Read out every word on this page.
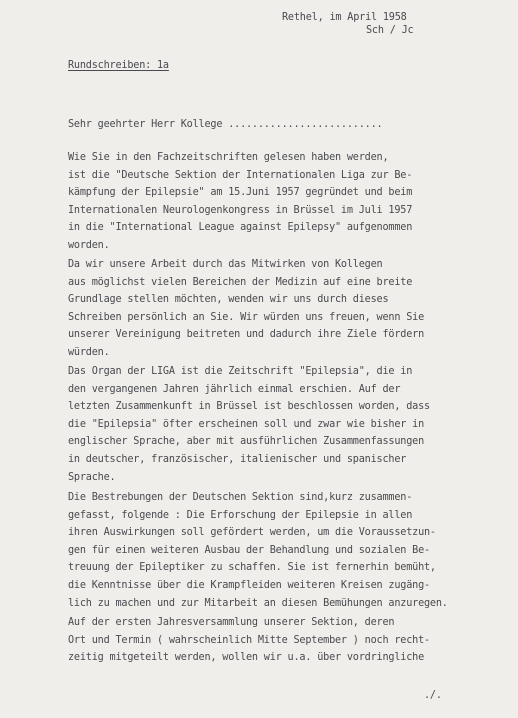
Rethel, im April 1958
Sch / Jc
Rundschreiben: 1a
Sehr geehrter Herr Kollege ..........................
Wie Sie in den Fachzeitschriften gelesen haben werden,
ist die "Deutsche Sektion der Internationalen Liga zur Be-
kämpfung der Epilepsie" am 15.Juni 1957 gegründet und beim
Internationalen Neurologenkongress in Brüssel im Juli 1957
in die "International League against Epilepsy" aufgenommen
worden.
Da wir unsere Arbeit durch das Mitwirken von Kollegen
aus möglichst vielen Bereichen der Medizin auf eine breite
Grundlage stellen möchten, wenden wir uns durch dieses
Schreiben persönlich an Sie. Wir würden uns freuen, wenn Sie
unserer Vereinigung beitreten und dadurch ihre Ziele fördern
würden.
Das Organ der LIGA ist die Zeitschrift "Epilepsia", die in
den vergangenen Jahren jährlich einmal erschien. Auf der
letzten Zusammenkunft in Brüssel ist beschlossen worden, dass
die "Epilepsia" öfter erscheinen soll und zwar wie bisher in
englischer Sprache, aber mit ausführlichen Zusammenfassungen
in deutscher, französischer, italienischer und spanischer
Sprache.
Die Bestrebungen der Deutschen Sektion sind,kurz zusammen-
gefasst, folgende : Die Erforschung der Epilepsie in allen
ihren Auswirkungen soll gefördert werden, um die Voraussetzun-
gen für einen weiteren Ausbau der Behandlung und sozialen Be-
treuung der Epileptiker zu schaffen. Sie ist fernerhin bemüht,
die Kenntnisse über die Krampfleiden weiteren Kreisen zugäng-
lich zu machen und zur Mitarbeit an diesen Bemühungen anzuregen.
Auf der ersten Jahresversammlung unserer Sektion, deren
Ort und Termin ( wahrscheinlich Mitte September ) noch recht-
zeitig mitgeteilt werden, wollen wir u.a. über vordringliche
./.
